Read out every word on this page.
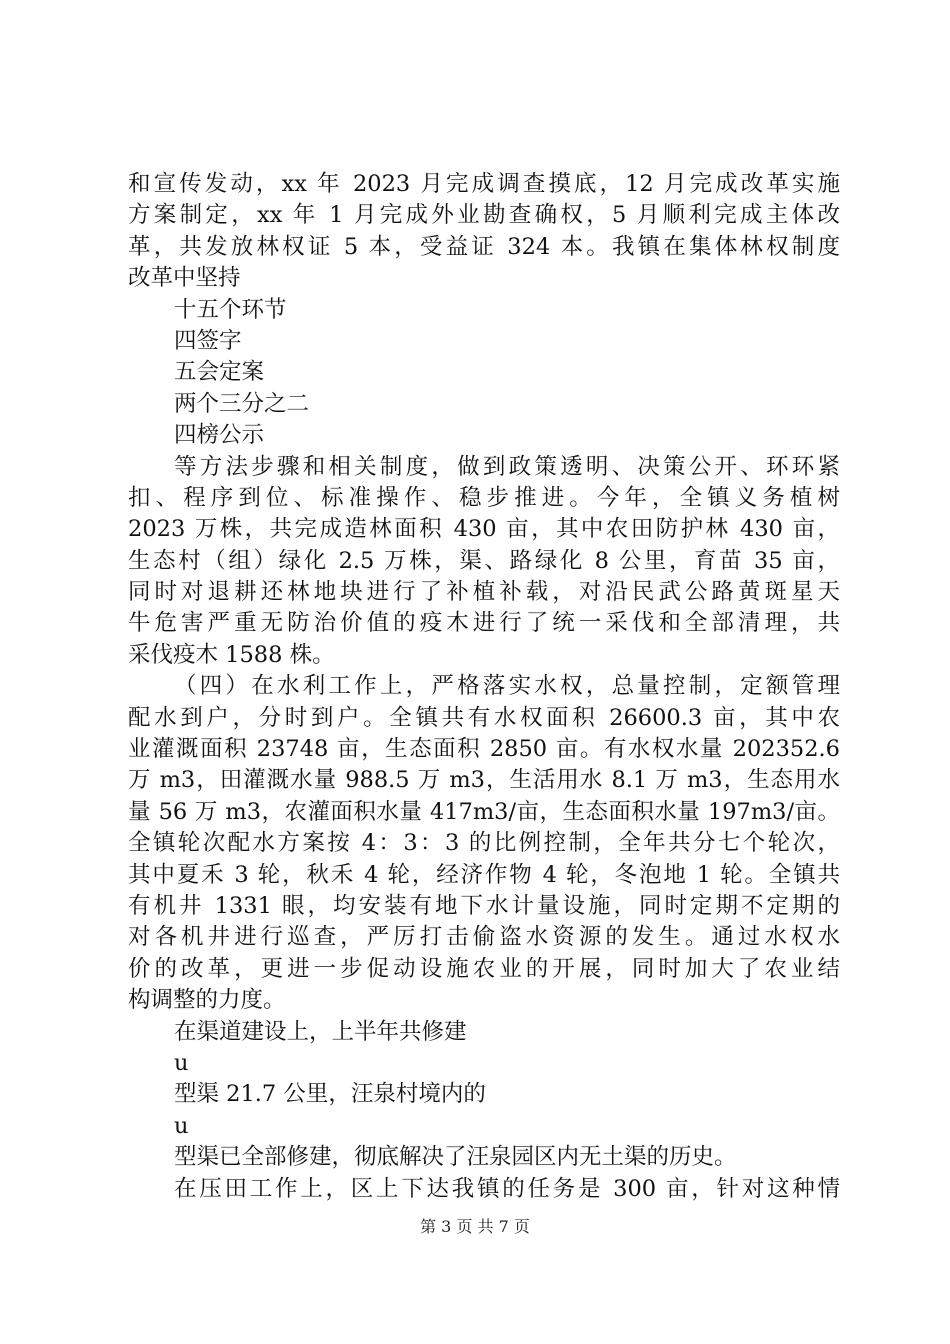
和宣传发动，xx 年 2023 月完成调查摸底，12 月完成改革实施
方案制定，xx 年 1 月完成外业勘查确权，5 月顺利完成主体改
革，共发放林权证 5 本，受益证 324 本。我镇在集体林权制度
改革中坚持
十五个环节
四签字
五会定案
两个三分之二
四榜公示
等方法步骤和相关制度，做到政策透明、决策公开、环环紧
扣、程序到位、标准操作、稳步推进。今年，全镇义务植树
2023 万株，共完成造林面积 430 亩，其中农田防护林 430 亩，
生态村（组）绿化 2.5 万株，渠、路绿化 8 公里，育苗 35 亩，
同时对退耕还林地块进行了补植补载，对沿民武公路黄斑星天
牛危害严重无防治价值的疫木进行了统一采伐和全部清理，共
采伐疫木 1588 株。
（四）在水利工作上，严格落实水权，总量控制，定额管理
配水到户，分时到户。全镇共有水权面积 26600.3 亩，其中农
业灌溉面积 23748 亩，生态面积 2850 亩。有水权水量 202352.6
万 m3，田灌溉水量 988.5 万 m3，生活用水 8.1 万 m3，生态用水
量 56 万 m3，农灌面积水量 417m3/亩，生态面积水量 197m3/亩。
全镇轮次配水方案按 4：3：3 的比例控制，全年共分七个轮次，
其中夏禾 3 轮，秋禾 4 轮，经济作物 4 轮，冬泡地 1 轮。全镇共
有机井 1331 眼，均安装有地下水计量设施，同时定期不定期的
对各机井进行巡查，严厉打击偷盗水资源的发生。通过水权水
价的改革，更进一步促动设施农业的开展，同时加大了农业结
构调整的力度。
在渠道建设上，上半年共修建
u
型渠 21.7 公里，汪泉村境内的
u
型渠已全部修建，彻底解决了汪泉园区内无土渠的历史。
在压田工作上，区上下达我镇的任务是 300 亩，针对这种情
第 3 页 共 7 页
